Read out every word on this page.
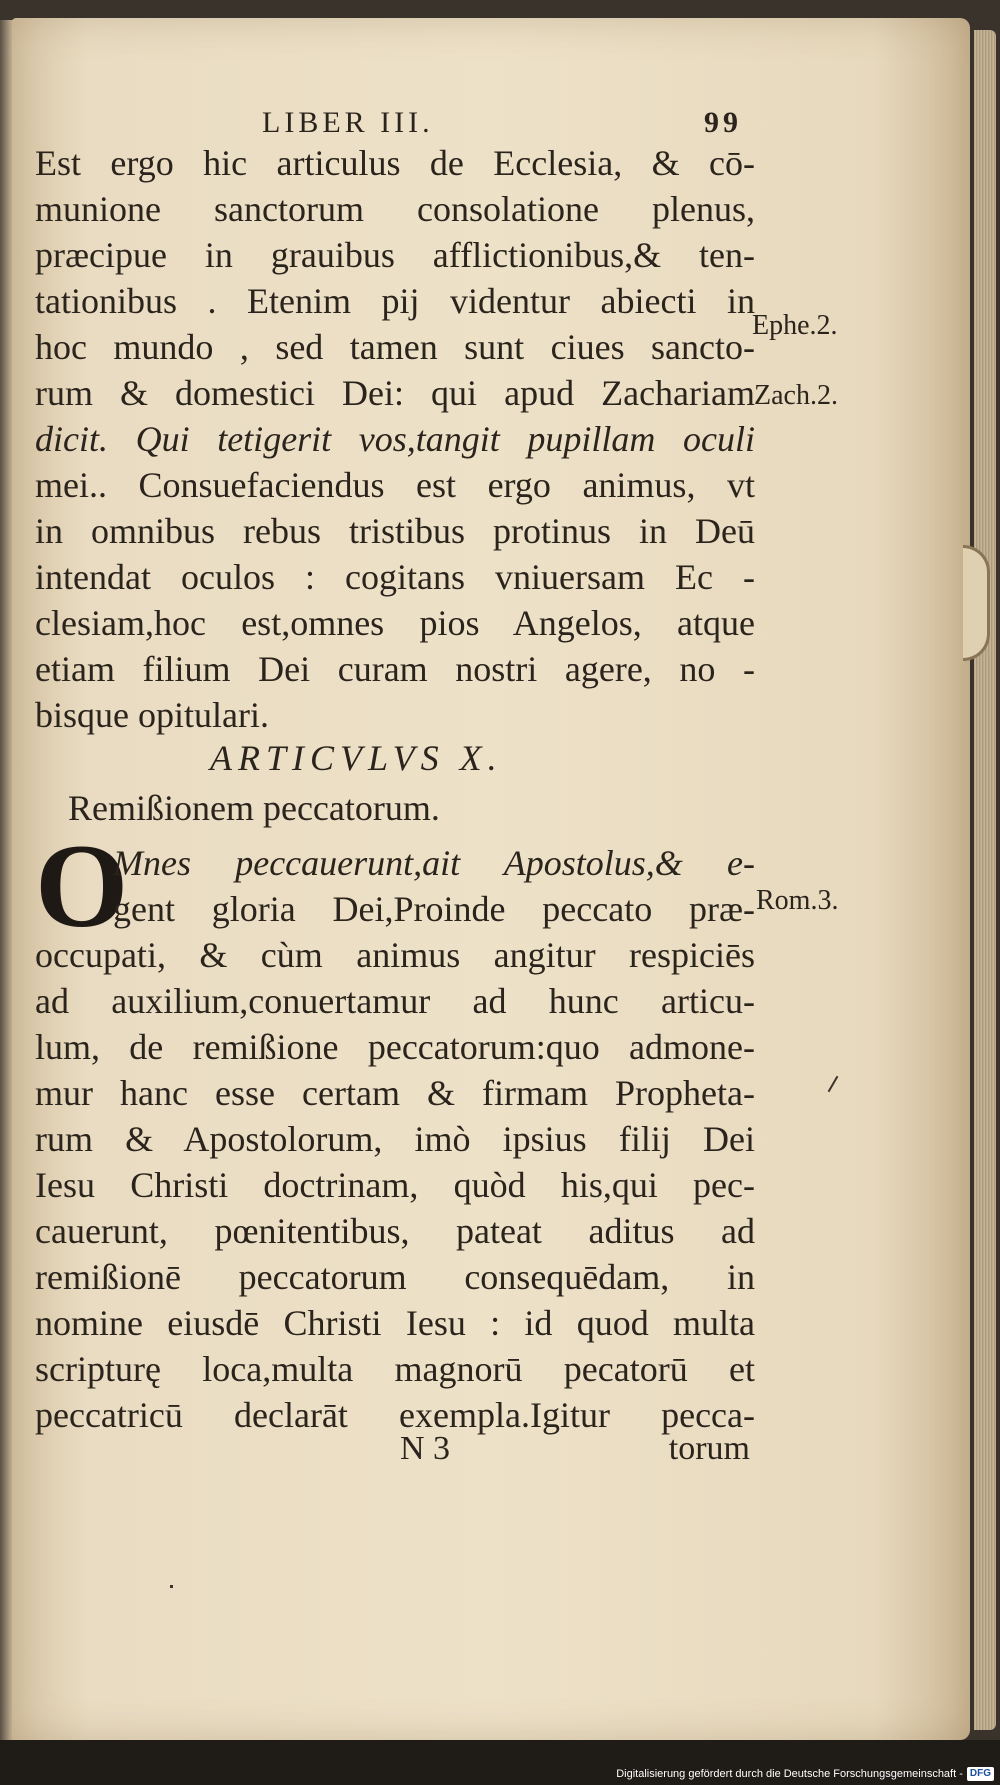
LIBER III.	99
Est ergo hic articulus de Ecclesia, & cō-
munione sanctorum consolatione plenus,
præcipue in grauibus afflictionibus,& ten-
tationibus . Etenim pij videntur abiecti in
hoc mundo , sed tamen sunt ciues sancto-
rum & domestici Dei: qui apud Zachariam
dicit. Qui tetigerit vos,tangit pupillam oculi
mei.. Consuefaciendus est ergo animus, vt
in omnibus rebus tristibus protinus in Deū
intendat oculos : cogitans vniuersam Ec -
clesiam,hoc est,omnes pios Angelos, atque
etiam filium Dei curam nostri agere, no -
bisque opitulari.
Ephe.2.
Zach.2.
Rom.3.
ARTICVLVS X.
Remißionem peccatorum.
O
Mnes peccauerunt,ait Apostolus,& e-
gent gloria Dei,Proinde peccato præ-
occupati, & cùm animus angitur respiciēs
ad auxilium,conuertamur ad hunc articu-
lum, de remißione peccatorum:quo admone-
mur hanc esse certam & firmam Propheta-
rum & Apostolorum, imò ipsius filij Dei
Iesu Christi doctrinam, quòd his,qui pec-
cauerunt, pœnitentibus, pateat aditus ad
remißionē peccatorum consequēdam, in
nomine eiusdē Christi Iesu : id quod multa
scripturę loca,multa magnorū pecatorū et
peccatricū declarāt exempla.Igitur pecca-
N 3	torum
Digitalisierung gefördert durch die Deutsche Forschungsgemeinschaft - DFG
